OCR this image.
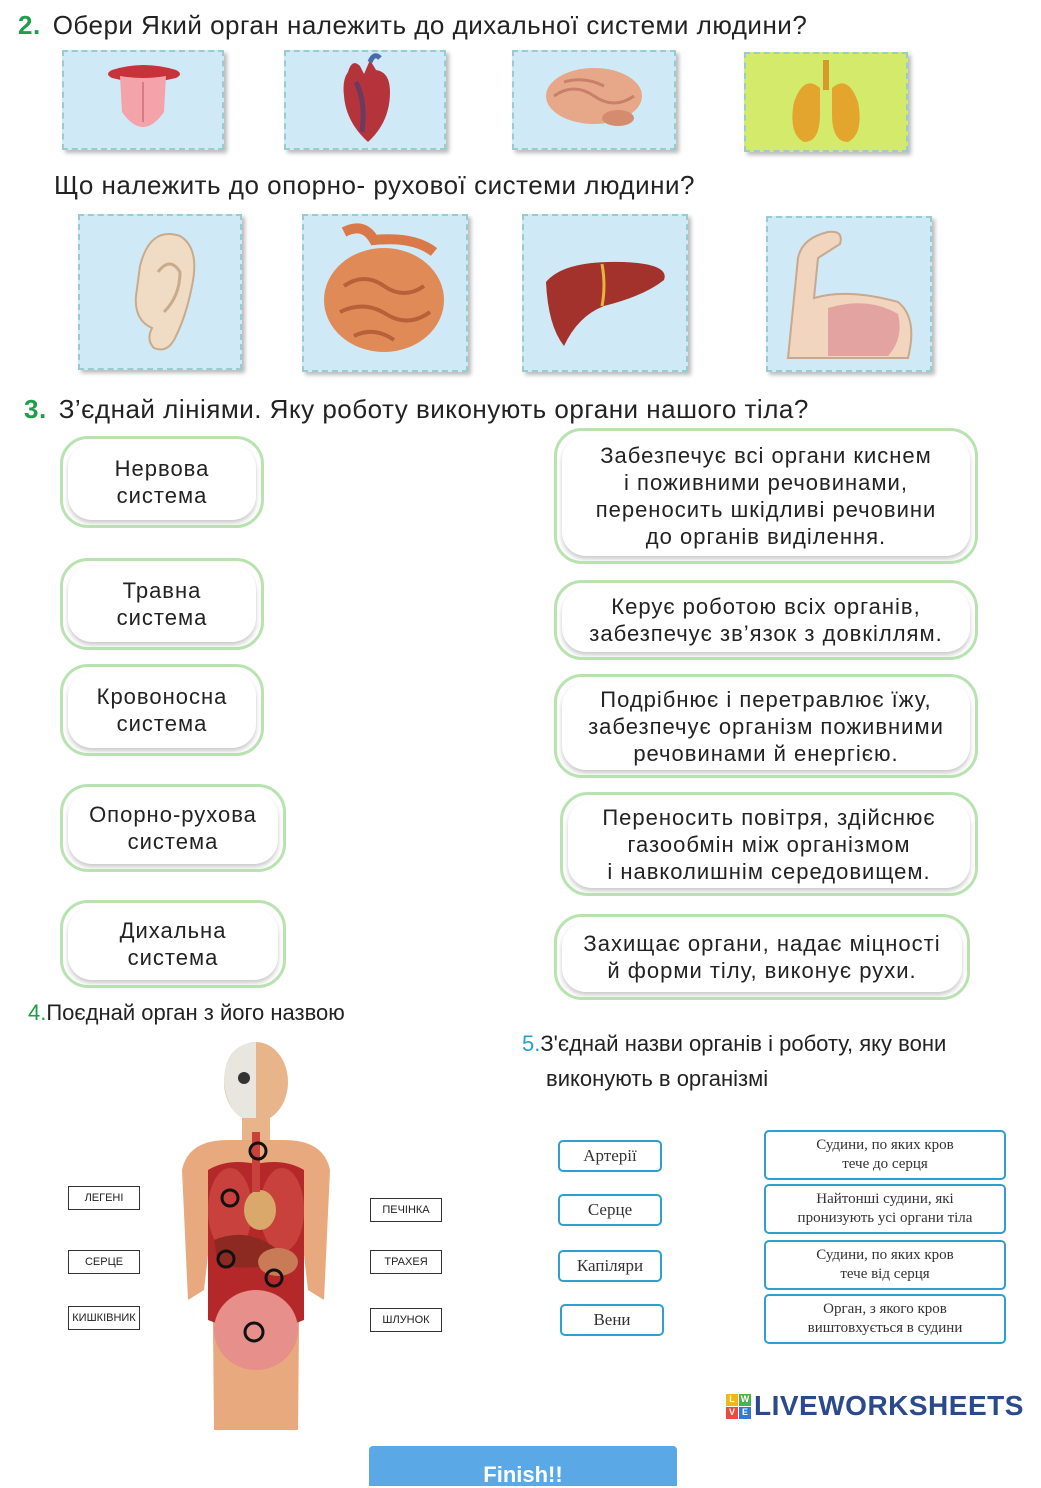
2. Обери Який орган належить до дихальної системи людини?
Що належить до опорно- рухової системи людини?
3. З’єднай лініями. Яку роботу виконують органи нашого тіла?
Нервова
система
Травна
система
Кровоносна
система
Опорно-рухова
система
Дихальна
система
Забезпечує всі органи киснем
і поживними речовинами,
переносить шкідливі речовини
до органів виділення.
Керує роботою всіх органів,
забезпечує зв’язок з довкіллям.
Подрібнює і перетравлює їжу,
забезпечує організм поживними
речовинами й енергією.
Переносить повітря, здійснює
газообмін між організмом
і навколишнім середовищем.
Захищає органи, надає міцності
й форми тілу, виконує рухи.
4.Поєднай орган з його назвою
ЛЕГЕНІ
СЕРЦЕ
КИШКІВНИК
ПЕЧІНКА
ТРАХЕЯ
ШЛУНОК
5.З'єднай назви органів і роботу, яку вони
виконують в організмі
Артерії
Серце
Капіляри
Вени
Судини, по яких кров
тече до серця
Найтонші судини, які
пронизують усі органи тіла
Судини, по яких кров
тече від серця
Орган, з якого кров
виштовхується в судини
L W
V E LIVEWORKSHEETS
Finish!!
